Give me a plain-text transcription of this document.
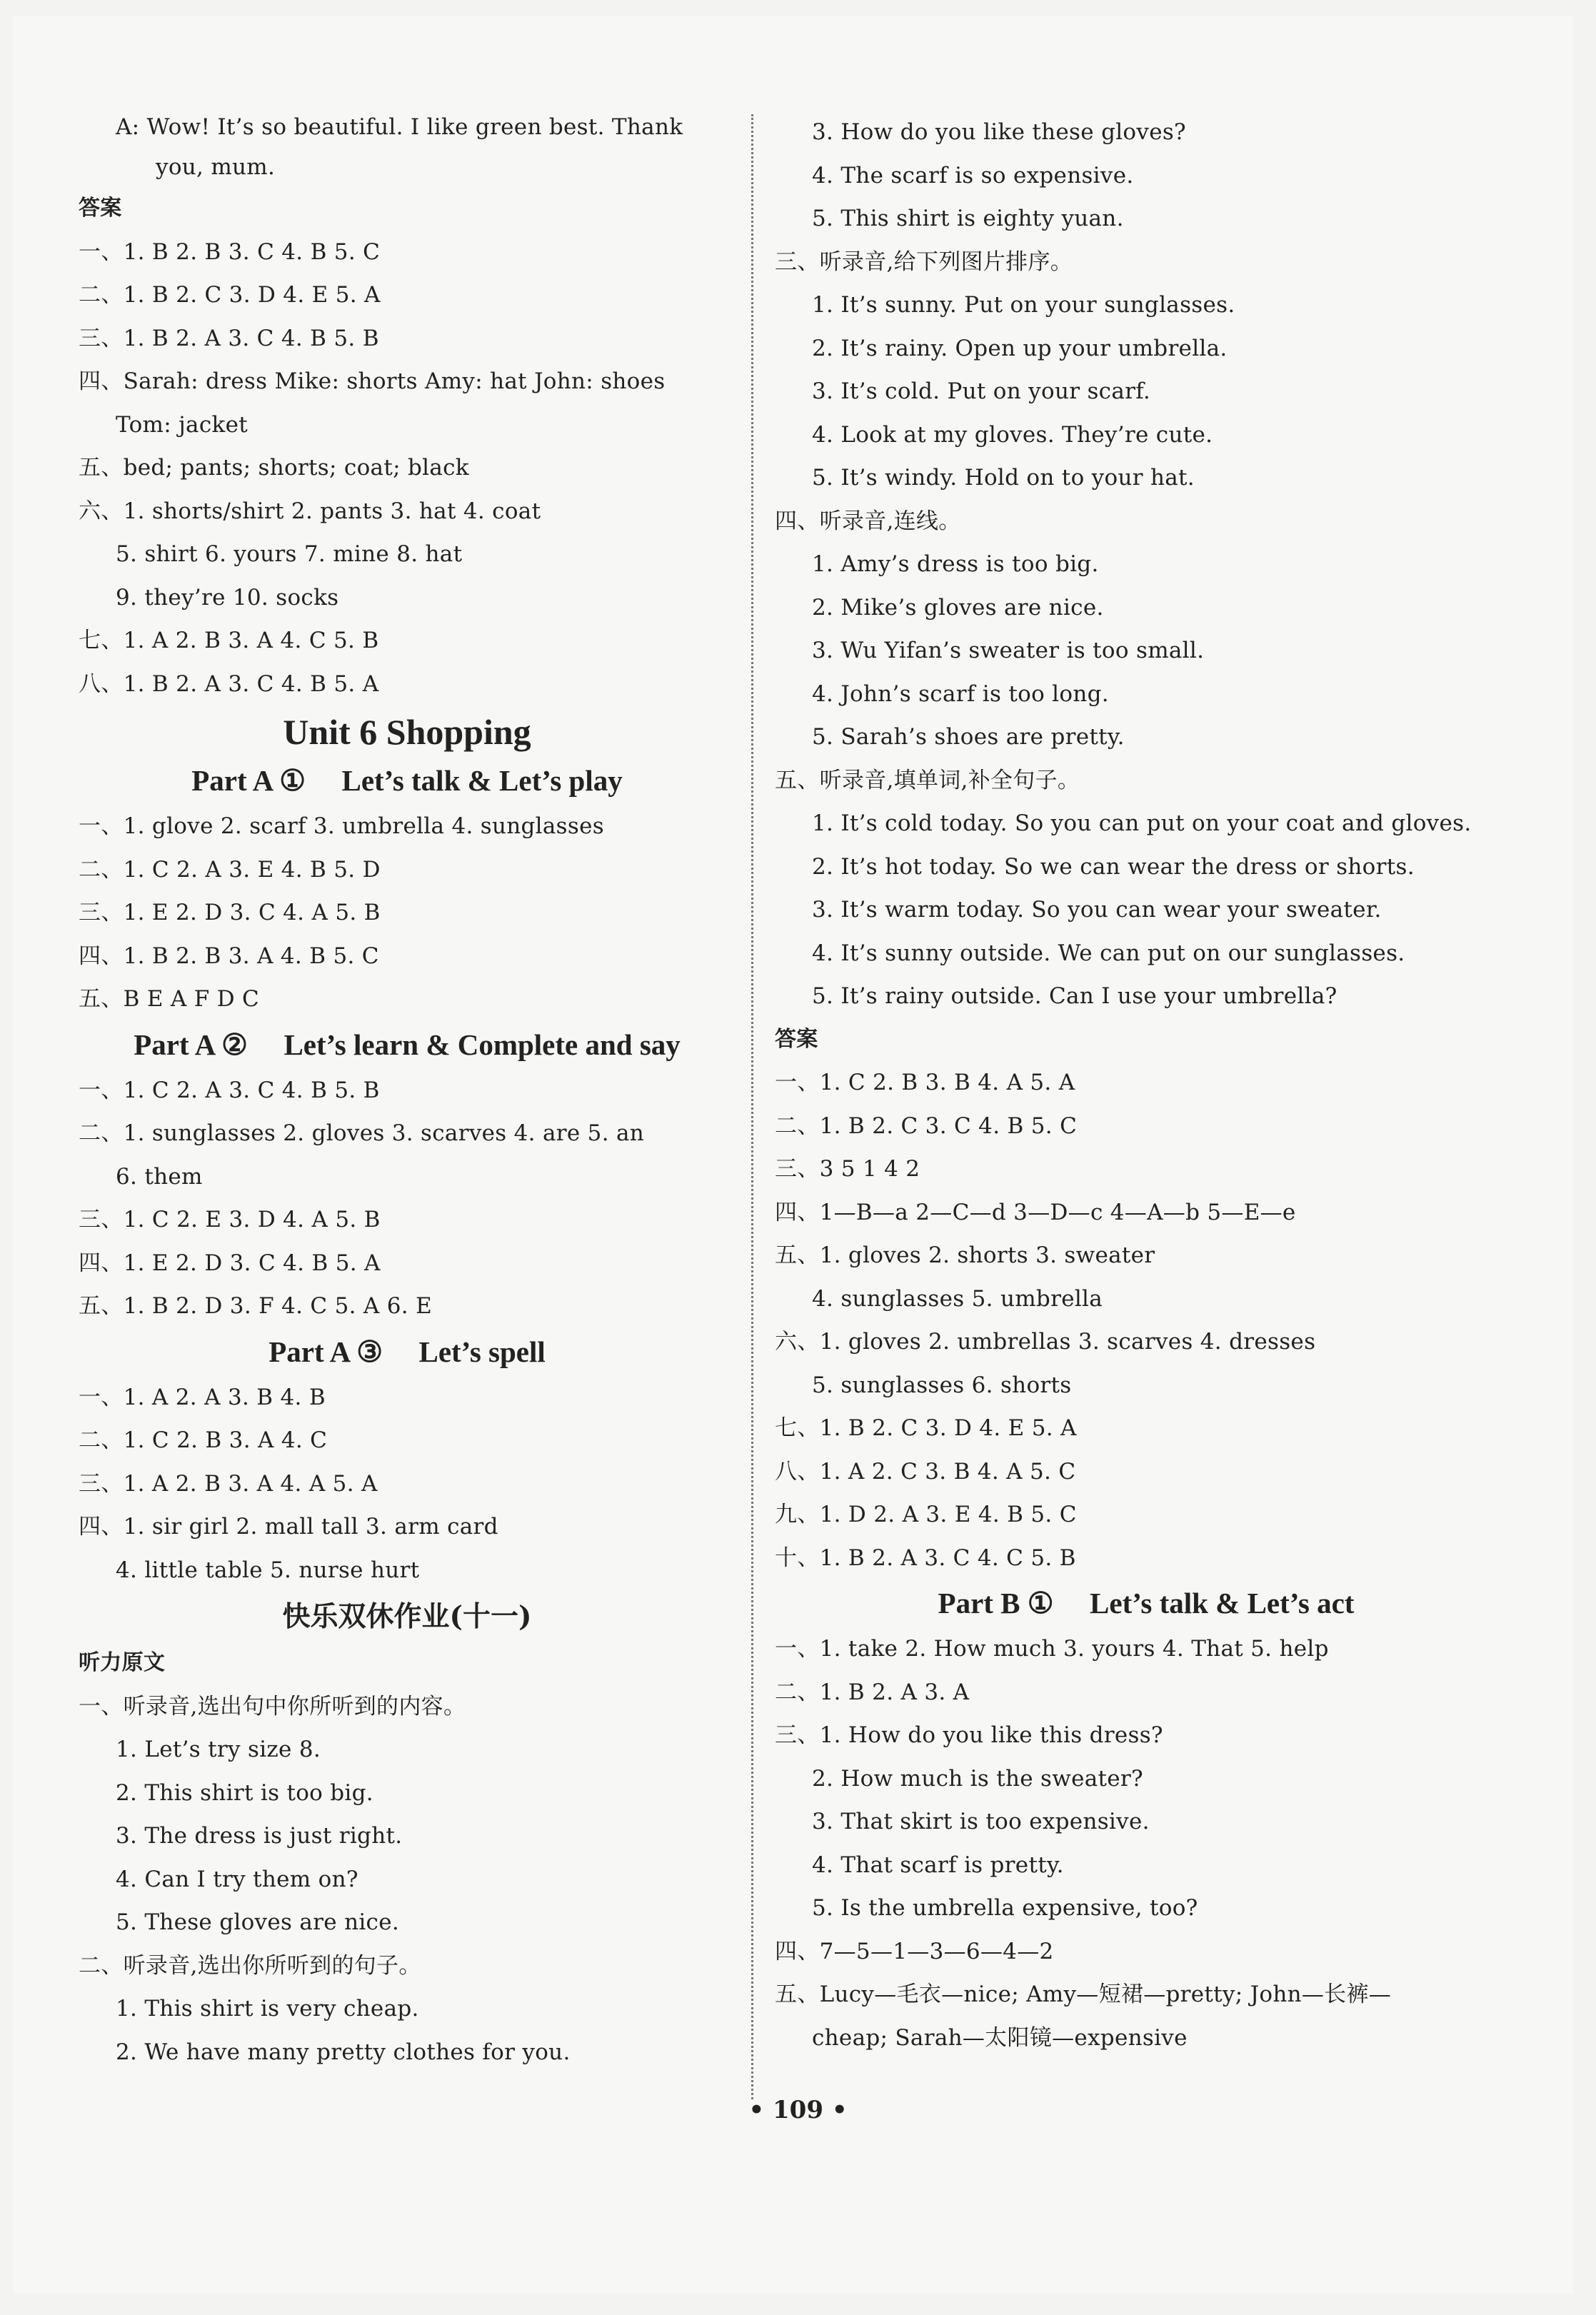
A: Wow! It’s so beautiful. I like green best. Thank
you, mum.
答案
一、1. B 2. B 3. C 4. B 5. C
二、1. B 2. C 3. D 4. E 5. A
三、1. B 2. A 3. C 4. B 5. B
四、Sarah: dress Mike: shorts Amy: hat John: shoes
Tom: jacket
五、bed; pants; shorts; coat; black
六、1. shorts/shirt 2. pants 3. hat 4. coat
5. shirt 6. yours 7. mine 8. hat
9. they’re 10. socks
七、1. A 2. B 3. A 4. C 5. B
八、1. B 2. A 3. C 4. B 5. A
Unit 6 Shopping
Part A ① Let’s talk & Let’s play
一、1. glove 2. scarf 3. umbrella 4. sunglasses
二、1. C 2. A 3. E 4. B 5. D
三、1. E 2. D 3. C 4. A 5. B
四、1. B 2. B 3. A 4. B 5. C
五、B E A F D C
Part A ② Let’s learn & Complete and say
一、1. C 2. A 3. C 4. B 5. B
二、1. sunglasses 2. gloves 3. scarves 4. are 5. an
6. them
三、1. C 2. E 3. D 4. A 5. B
四、1. E 2. D 3. C 4. B 5. A
五、1. B 2. D 3. F 4. C 5. A 6. E
Part A ③ Let’s spell
一、1. A 2. A 3. B 4. B
二、1. C 2. B 3. A 4. C
三、1. A 2. B 3. A 4. A 5. A
四、1. sir girl 2. mall tall 3. arm card
4. little table 5. nurse hurt
快乐双休作业(十一)
听力原文
一、听录音,选出句中你所听到的内容。
1. Let’s try size 8.
2. This shirt is too big.
3. The dress is just right.
4. Can I try them on?
5. These gloves are nice.
二、听录音,选出你所听到的句子。
1. This shirt is very cheap.
2. We have many pretty clothes for you.
3. How do you like these gloves?
4. The scarf is so expensive.
5. This shirt is eighty yuan.
三、听录音,给下列图片排序。
1. It’s sunny. Put on your sunglasses.
2. It’s rainy. Open up your umbrella.
3. It’s cold. Put on your scarf.
4. Look at my gloves. They’re cute.
5. It’s windy. Hold on to your hat.
四、听录音,连线。
1. Amy’s dress is too big.
2. Mike’s gloves are nice.
3. Wu Yifan’s sweater is too small.
4. John’s scarf is too long.
5. Sarah’s shoes are pretty.
五、听录音,填单词,补全句子。
1. It’s cold today. So you can put on your coat and gloves.
2. It’s hot today. So we can wear the dress or shorts.
3. It’s warm today. So you can wear your sweater.
4. It’s sunny outside. We can put on our sunglasses.
5. It’s rainy outside. Can I use your umbrella?
答案
一、1. C 2. B 3. B 4. A 5. A
二、1. B 2. C 3. C 4. B 5. C
三、3 5 1 4 2
四、1—B—a 2—C—d 3—D—c 4—A—b 5—E—e
五、1. gloves 2. shorts 3. sweater
4. sunglasses 5. umbrella
六、1. gloves 2. umbrellas 3. scarves 4. dresses
5. sunglasses 6. shorts
七、1. B 2. C 3. D 4. E 5. A
八、1. A 2. C 3. B 4. A 5. C
九、1. D 2. A 3. E 4. B 5. C
十、1. B 2. A 3. C 4. C 5. B
Part B ① Let’s talk & Let’s act
一、1. take 2. How much 3. yours 4. That 5. help
二、1. B 2. A 3. A
三、1. How do you like this dress?
2. How much is the sweater?
3. That skirt is too expensive.
4. That scarf is pretty.
5. Is the umbrella expensive, too?
四、7—5—1—3—6—4—2
五、Lucy—毛衣—nice; Amy—短裙—pretty; John—长裤—
cheap; Sarah—太阳镜—expensive
• 109 •
